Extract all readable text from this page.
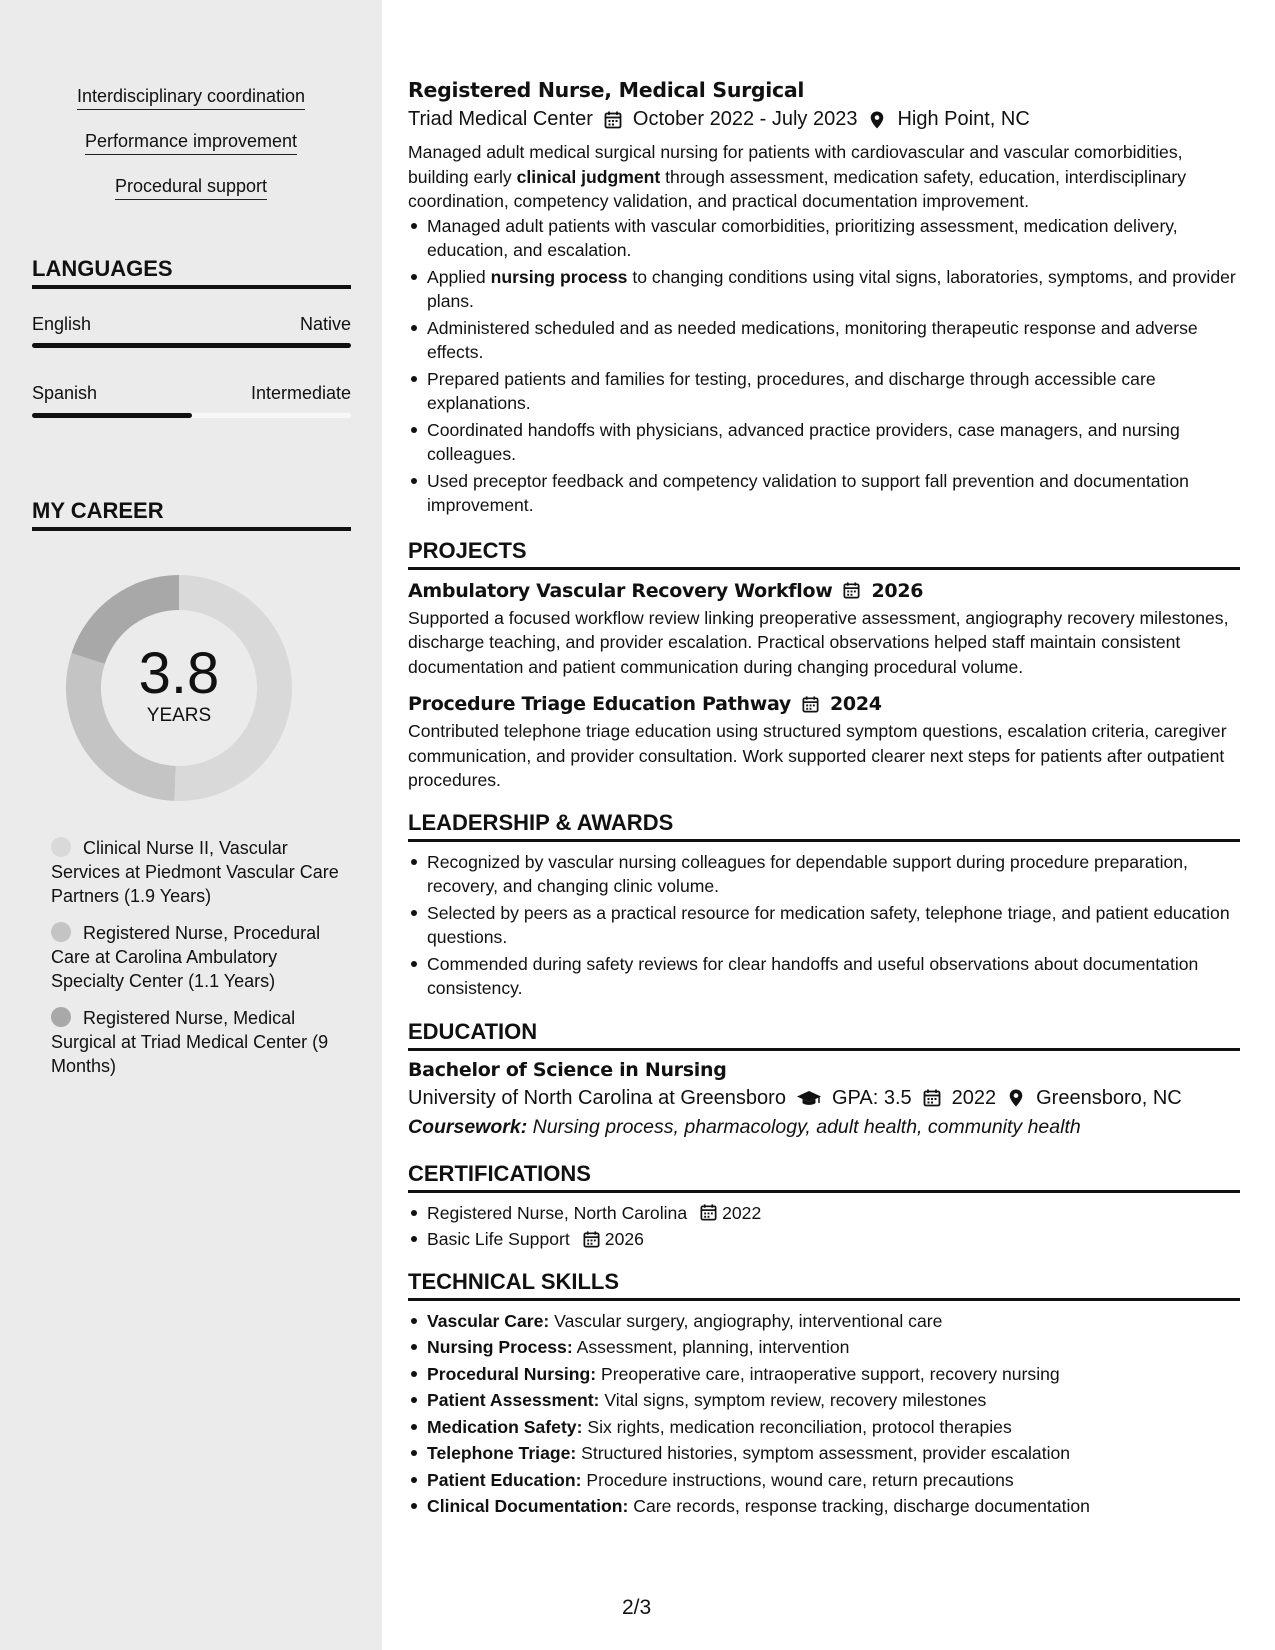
Interdisciplinary coordination
Performance improvement
Procedural support
LANGUAGES
English	Native
Spanish	Intermediate
MY CAREER
3.8
YEARS
Clinical Nurse II, Vascular Services at Piedmont Vascular Care Partners (1.9 Years)
Registered Nurse, Procedural Care at Carolina Ambulatory Specialty Center (1.1 Years)
Registered Nurse, Medical Surgical at Triad Medical Center (9 Months)
Registered Nurse, Medical Surgical
Triad Medical Center October 2022 - July 2023 High Point, NC
Managed adult medical surgical nursing for patients with cardiovascular and vascular comorbidities, building early clinical judgment through assessment, medication safety, education, interdisciplinary coordination, competency validation, and practical documentation improvement.
Managed adult patients with vascular comorbidities, prioritizing assessment, medication delivery, education, and escalation.
Applied nursing process to changing conditions using vital signs, laboratories, symptoms, and provider plans.
Administered scheduled and as needed medications, monitoring therapeutic response and adverse effects.
Prepared patients and families for testing, procedures, and discharge through accessible care explanations.
Coordinated handoffs with physicians, advanced practice providers, case managers, and nursing colleagues.
Used preceptor feedback and competency validation to support fall prevention and documentation improvement.
PROJECTS
Ambulatory Vascular Recovery Workflow 2026
Supported a focused workflow review linking preoperative assessment, angiography recovery milestones, discharge teaching, and provider escalation. Practical observations helped staff maintain consistent documentation and patient communication during changing procedural volume.
Procedure Triage Education Pathway 2024
Contributed telephone triage education using structured symptom questions, escalation criteria, caregiver communication, and provider consultation. Work supported clearer next steps for patients after outpatient procedures.
LEADERSHIP & AWARDS
Recognized by vascular nursing colleagues for dependable support during procedure preparation, recovery, and changing clinic volume.
Selected by peers as a practical resource for medication safety, telephone triage, and patient education questions.
Commended during safety reviews for clear handoffs and useful observations about documentation consistency.
EDUCATION
Bachelor of Science in Nursing
University of North Carolina at Greensboro GPA: 3.5 2022 Greensboro, NC
Coursework: Nursing process, pharmacology, adult health, community health
CERTIFICATIONS
Registered Nurse, North Carolina 2022
Basic Life Support 2026
TECHNICAL SKILLS
Vascular Care: Vascular surgery, angiography, interventional care
Nursing Process: Assessment, planning, intervention
Procedural Nursing: Preoperative care, intraoperative support, recovery nursing
Patient Assessment: Vital signs, symptom review, recovery milestones
Medication Safety: Six rights, medication reconciliation, protocol therapies
Telephone Triage: Structured histories, symptom assessment, provider escalation
Patient Education: Procedure instructions, wound care, return precautions
Clinical Documentation: Care records, response tracking, discharge documentation
2/3
